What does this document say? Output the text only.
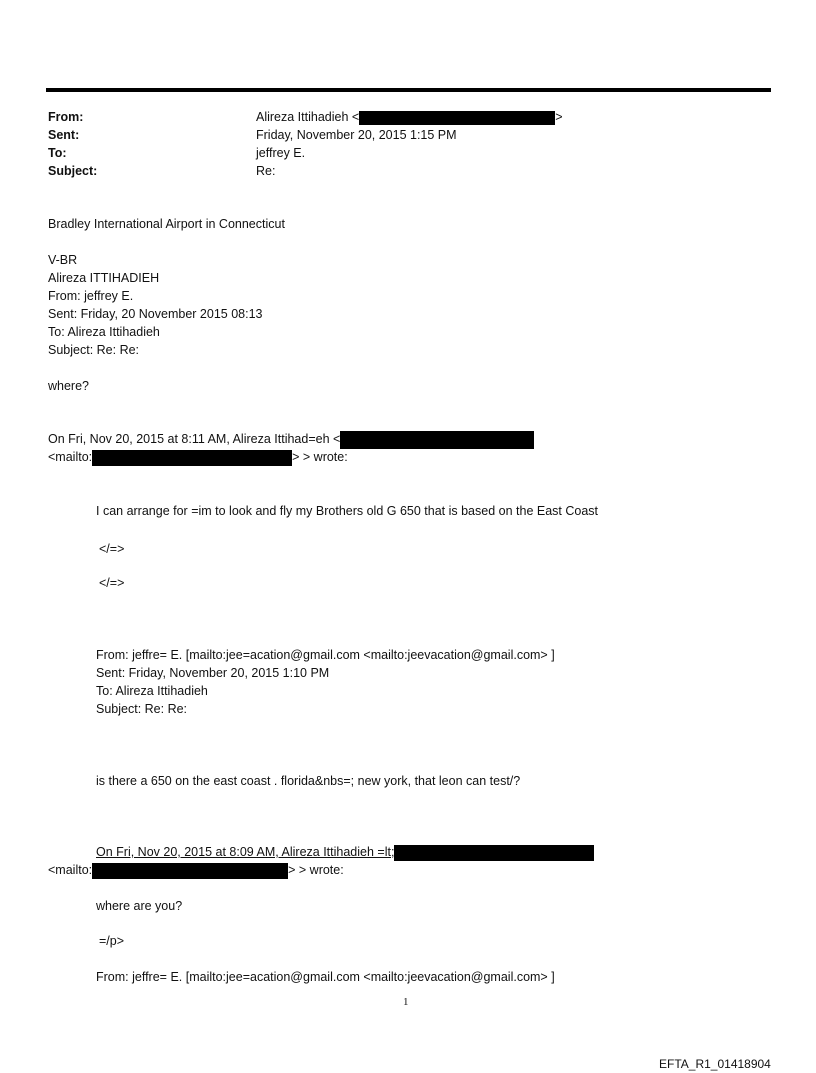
From:	Alireza Ittihadieh <	>
Sent:	Friday, November 20, 2015 1:15 PM
To:	jeffrey E.
Subject:	Re:
Bradley International Airport in Connecticut
V-BR
Alireza ITTIHADIEH
From: jeffrey E.
Sent: Friday, 20 November 2015 08:13
To: Alireza Ittihadieh
Subject: Re: Re:
where?
On Fri, Nov 20, 2015 at 8:11 AM, Alireza Ittihad=eh <
<mailto:	> > wrote:
I can arrange for =im to look and fly my Brothers old G 650 that is based on the East Coast
</=>
</=>
From: jeffre= E. [mailto:jee=acation@gmail.com <mailto:jeevacation@gmail.com> ]
Sent: Friday, November 20, 2015 1:10 PM
To: Alireza Ittihadieh
Subject: Re: Re:
is there a 650 on the east coast . florida&nbs=; new york, that leon can test/?
On Fri, Nov 20, 2015 at 8:09 AM, Alireza Ittihadieh =lt;
<mailto:	> > wrote:
where are you?
=/p>
From: jeffre= E. [mailto:jee=acation@gmail.com <mailto:jeevacation@gmail.com> ]
1
EFTA_R1_01418904
